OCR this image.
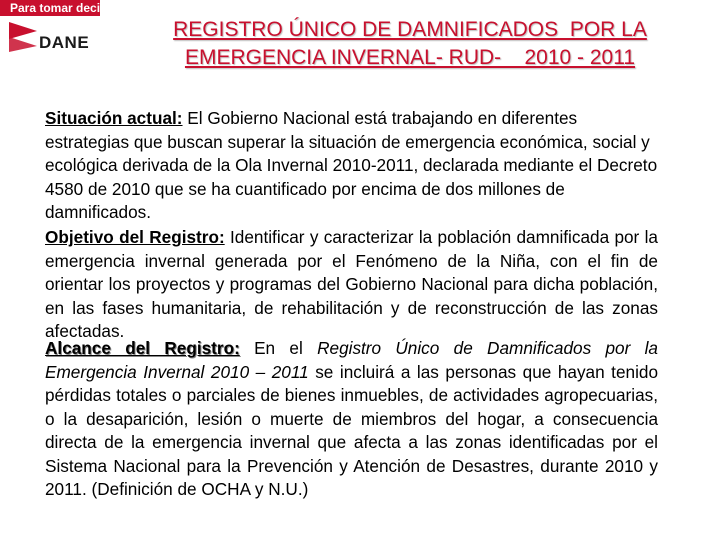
Para tomar decisiones
DANE
REGISTRO ÚNICO DE DAMNIFICADOS  POR LA
EMERGENCIA INVERNAL- RUD-    2010 - 2011

Situación actual: El Gobierno Nacional está trabajando en diferentes estrategias que buscan superar la situación de emergencia económica, social y ecológica derivada de la Ola Invernal 2010-2011, declarada mediante el Decreto 4580 de 2010 que se ha cuantificado por encima de dos millones de damnificados.

Objetivo del Registro: Identificar y caracterizar la población damnificada por la emergencia invernal generada por el Fenómeno de la Niña, con el fin de orientar los proyectos y programas del Gobierno Nacional para dicha población, en las fases humanitaria, de rehabilitación y de reconstrucción de las zonas afectadas.

Alcance del Registro: En el Registro Único de Damnificados por la Emergencia Invernal 2010 – 2011 se incluirá a las personas que hayan tenido pérdidas totales o parciales de bienes inmuebles, de actividades agropecuarias, o la desaparición, lesión o muerte de miembros del hogar, a consecuencia directa de la emergencia invernal que afecta a las zonas identificadas por el Sistema Nacional para la Prevención y Atención de Desastres, durante 2010 y 2011. (Definición de OCHA y N.U.)
